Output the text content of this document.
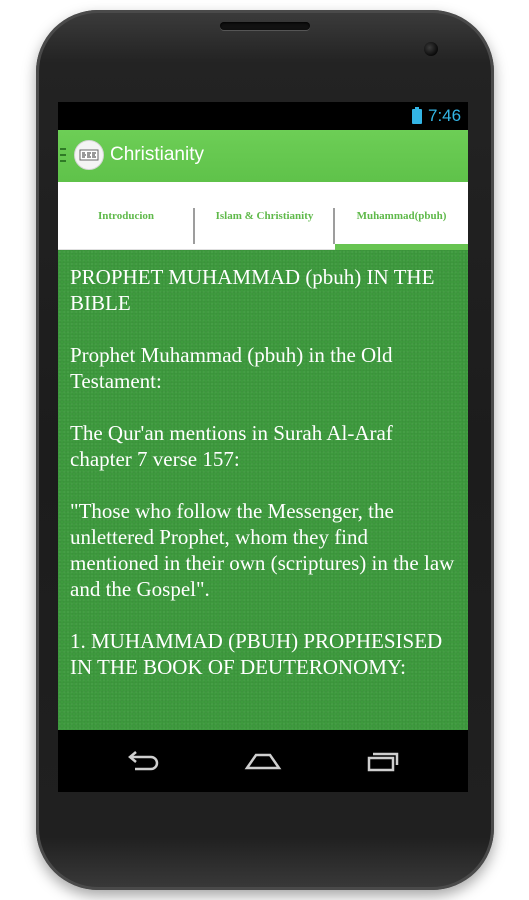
7:46
Christianity
Introducion	Islam & Christianity	Muhammad(pbuh)

PROPHET MUHAMMAD (pbuh) IN THE BIBLE

Prophet Muhammad (pbuh) in the Old Testament:

The Qur'an mentions in Surah Al-Araf chapter 7 verse 157:

"Those who follow the Messenger, the unlettered Prophet, whom they find mentioned in their own (scriptures) in the law and the Gospel".

1. MUHAMMAD (PBUH) PROPHESISED IN THE BOOK OF DEUTERONOMY:
